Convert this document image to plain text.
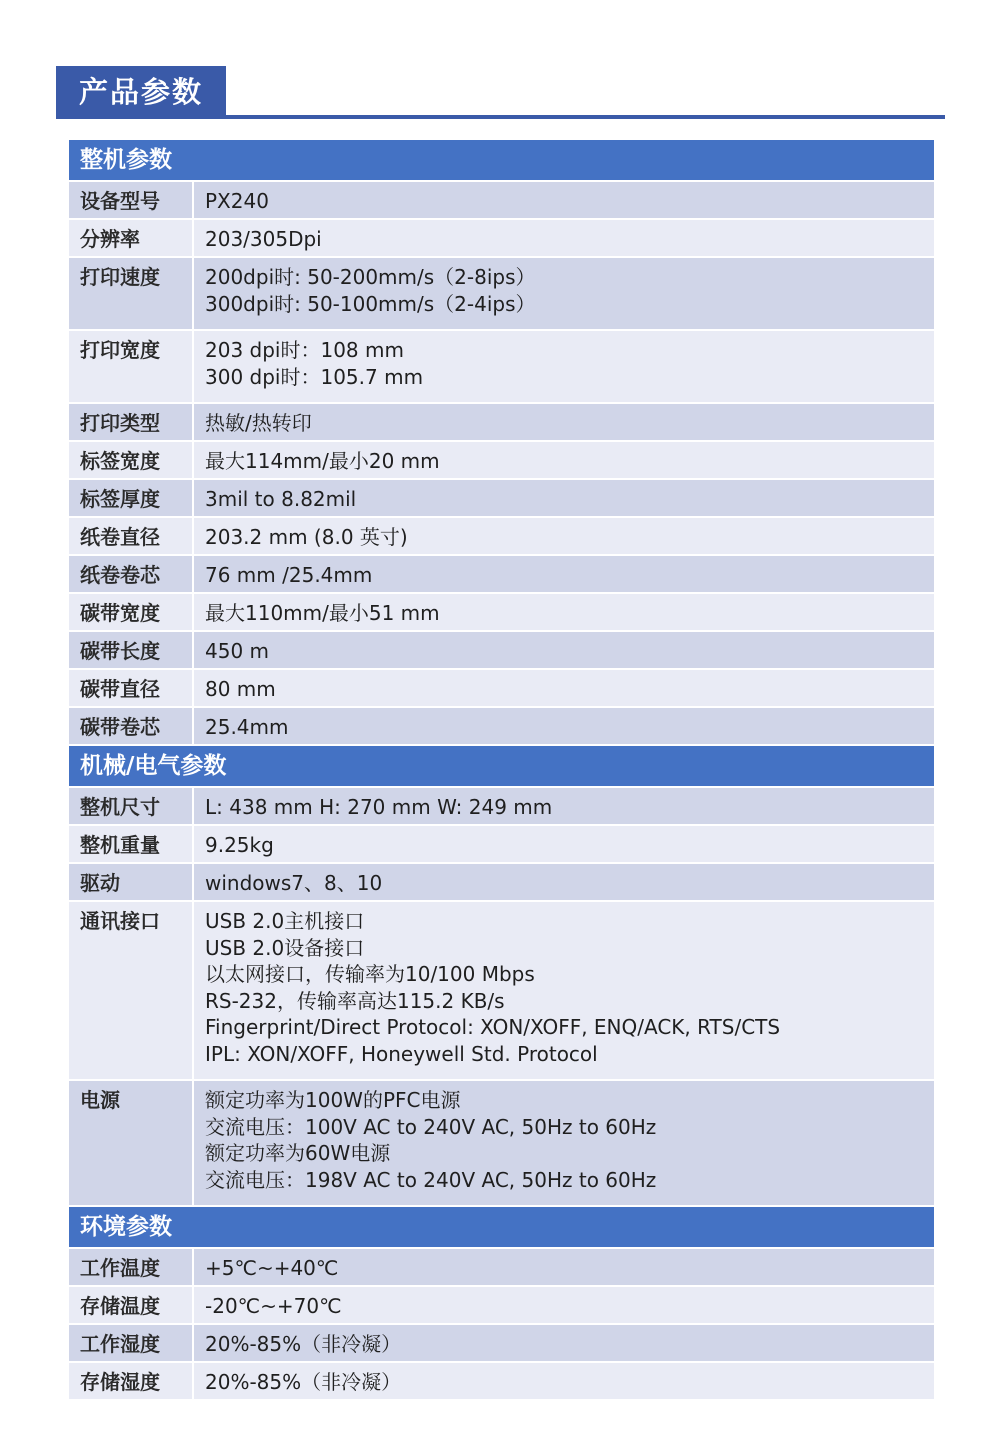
产品参数
整机参数
设备型号	PX240
分辨率	203/305Dpi
打印速度	200dpi时: 50-200mm/s（2-8ips）
300dpi时: 50-100mm/s（2-4ips）
打印宽度	203 dpi时：108 mm
300 dpi时：105.7 mm
打印类型	热敏/热转印
标签宽度	最大114mm/最小20 mm
标签厚度	3mil to 8.82mil
纸卷直径	203.2 mm (8.0 英寸)
纸卷卷芯	76 mm /25.4mm
碳带宽度	最大110mm/最小51 mm
碳带长度	450 m
碳带直径	80 mm
碳带卷芯	25.4mm
机械/电气参数
整机尺寸	L: 438 mm H: 270 mm W: 249 mm
整机重量	9.25kg
驱动	windows7、8、10
通讯接口	USB 2.0主机接口
USB 2.0设备接口
以太网接口，传输率为10/100 Mbps
RS-232，传输率高达115.2 KB/s
Fingerprint/Direct Protocol: XON/XOFF, ENQ/ACK, RTS/CTS
IPL: XON/XOFF, Honeywell Std. Protocol
电源	额定功率为100W的PFC电源
交流电压：100V AC to 240V AC, 50Hz to 60Hz
额定功率为60W电源
交流电压：198V AC to 240V AC, 50Hz to 60Hz
环境参数
工作温度	+5℃~+40℃
存储温度	-20℃~+70℃
工作湿度	20%-85%（非冷凝）
存储湿度	20%-85%（非冷凝）
